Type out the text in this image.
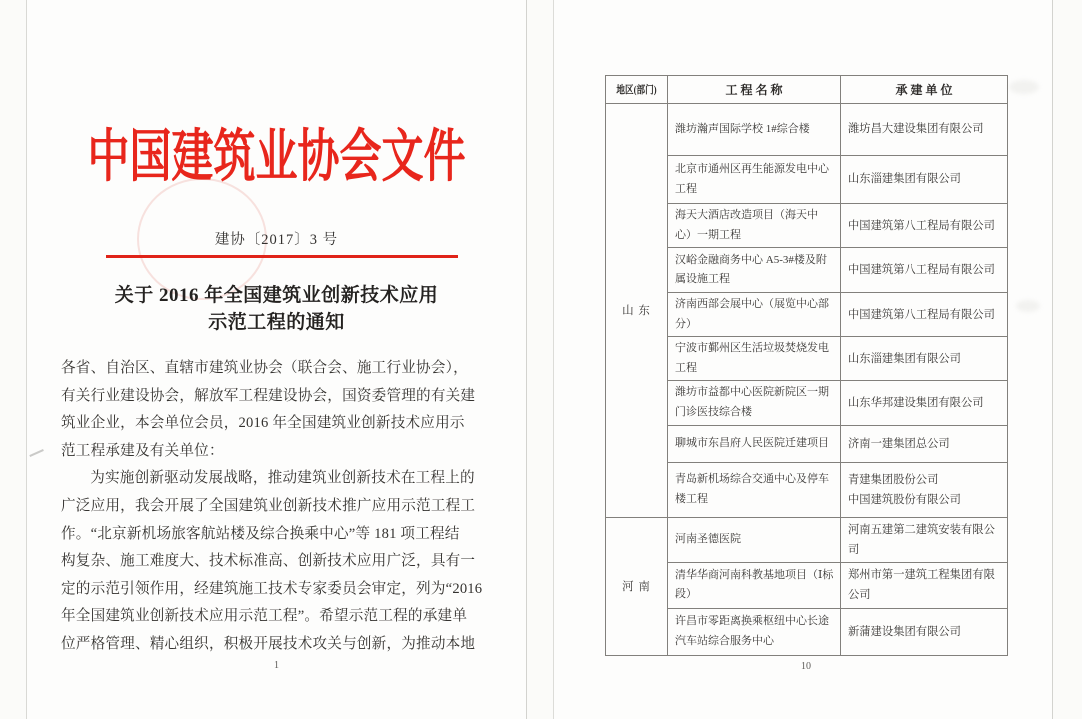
中国建筑业协会文件
建协〔2017〕3 号
关于 2016 年全国建筑业创新技术应用
示范工程的通知
各省、自治区、直辖市建筑业协会（联合会、施工行业协会），
有关行业建设协会，解放军工程建设协会，国资委管理的有关建
筑业企业，本会单位会员，2016 年全国建筑业创新技术应用示
范工程承建及有关单位：
为实施创新驱动发展战略，推动建筑业创新技术在工程上的
广泛应用，我会开展了全国建筑业创新技术推广应用示范工程工
作。“北京新机场旅客航站楼及综合换乘中心”等 181 项工程结
构复杂、施工难度大、技术标准高、创新技术应用广泛，具有一
定的示范引领作用，经建筑施工技术专家委员会审定，列为“2016
年全国建筑业创新技术应用示范工程”。希望示范工程的承建单
位严格管理、精心组织，积极开展技术攻关与创新，为推动本地
1
地区(部门)	工 程 名 称	承 建 单 位
山 东	潍坊瀚声国际学校 1#综合楼	潍坊昌大建设集团有限公司
	北京市通州区再生能源发电中心工程	山东淄建集团有限公司
	海天大酒店改造项目（海天中心）一期工程	中国建筑第八工程局有限公司
	汉峪金融商务中心 A5-3#楼及附属设施工程	中国建筑第八工程局有限公司
	济南西部会展中心（展览中心部分）	中国建筑第八工程局有限公司
	宁波市鄞州区生活垃圾焚烧发电工程	山东淄建集团有限公司
	潍坊市益都中心医院新院区一期门诊医技综合楼	山东华邦建设集团有限公司
	聊城市东昌府人民医院迁建项目	济南一建集团总公司
	青岛新机场综合交通中心及停车楼工程	青建集团股份公司
中国建筑股份有限公司

河 南	河南圣德医院	河南五建第二建筑安装有限公司
	清华华商河南科教基地项目（Ⅰ标段）	郑州市第一建筑工程集团有限公司
	许昌市零距离换乘枢纽中心长途汽车站综合服务中心	新蒲建设集团有限公司
10
